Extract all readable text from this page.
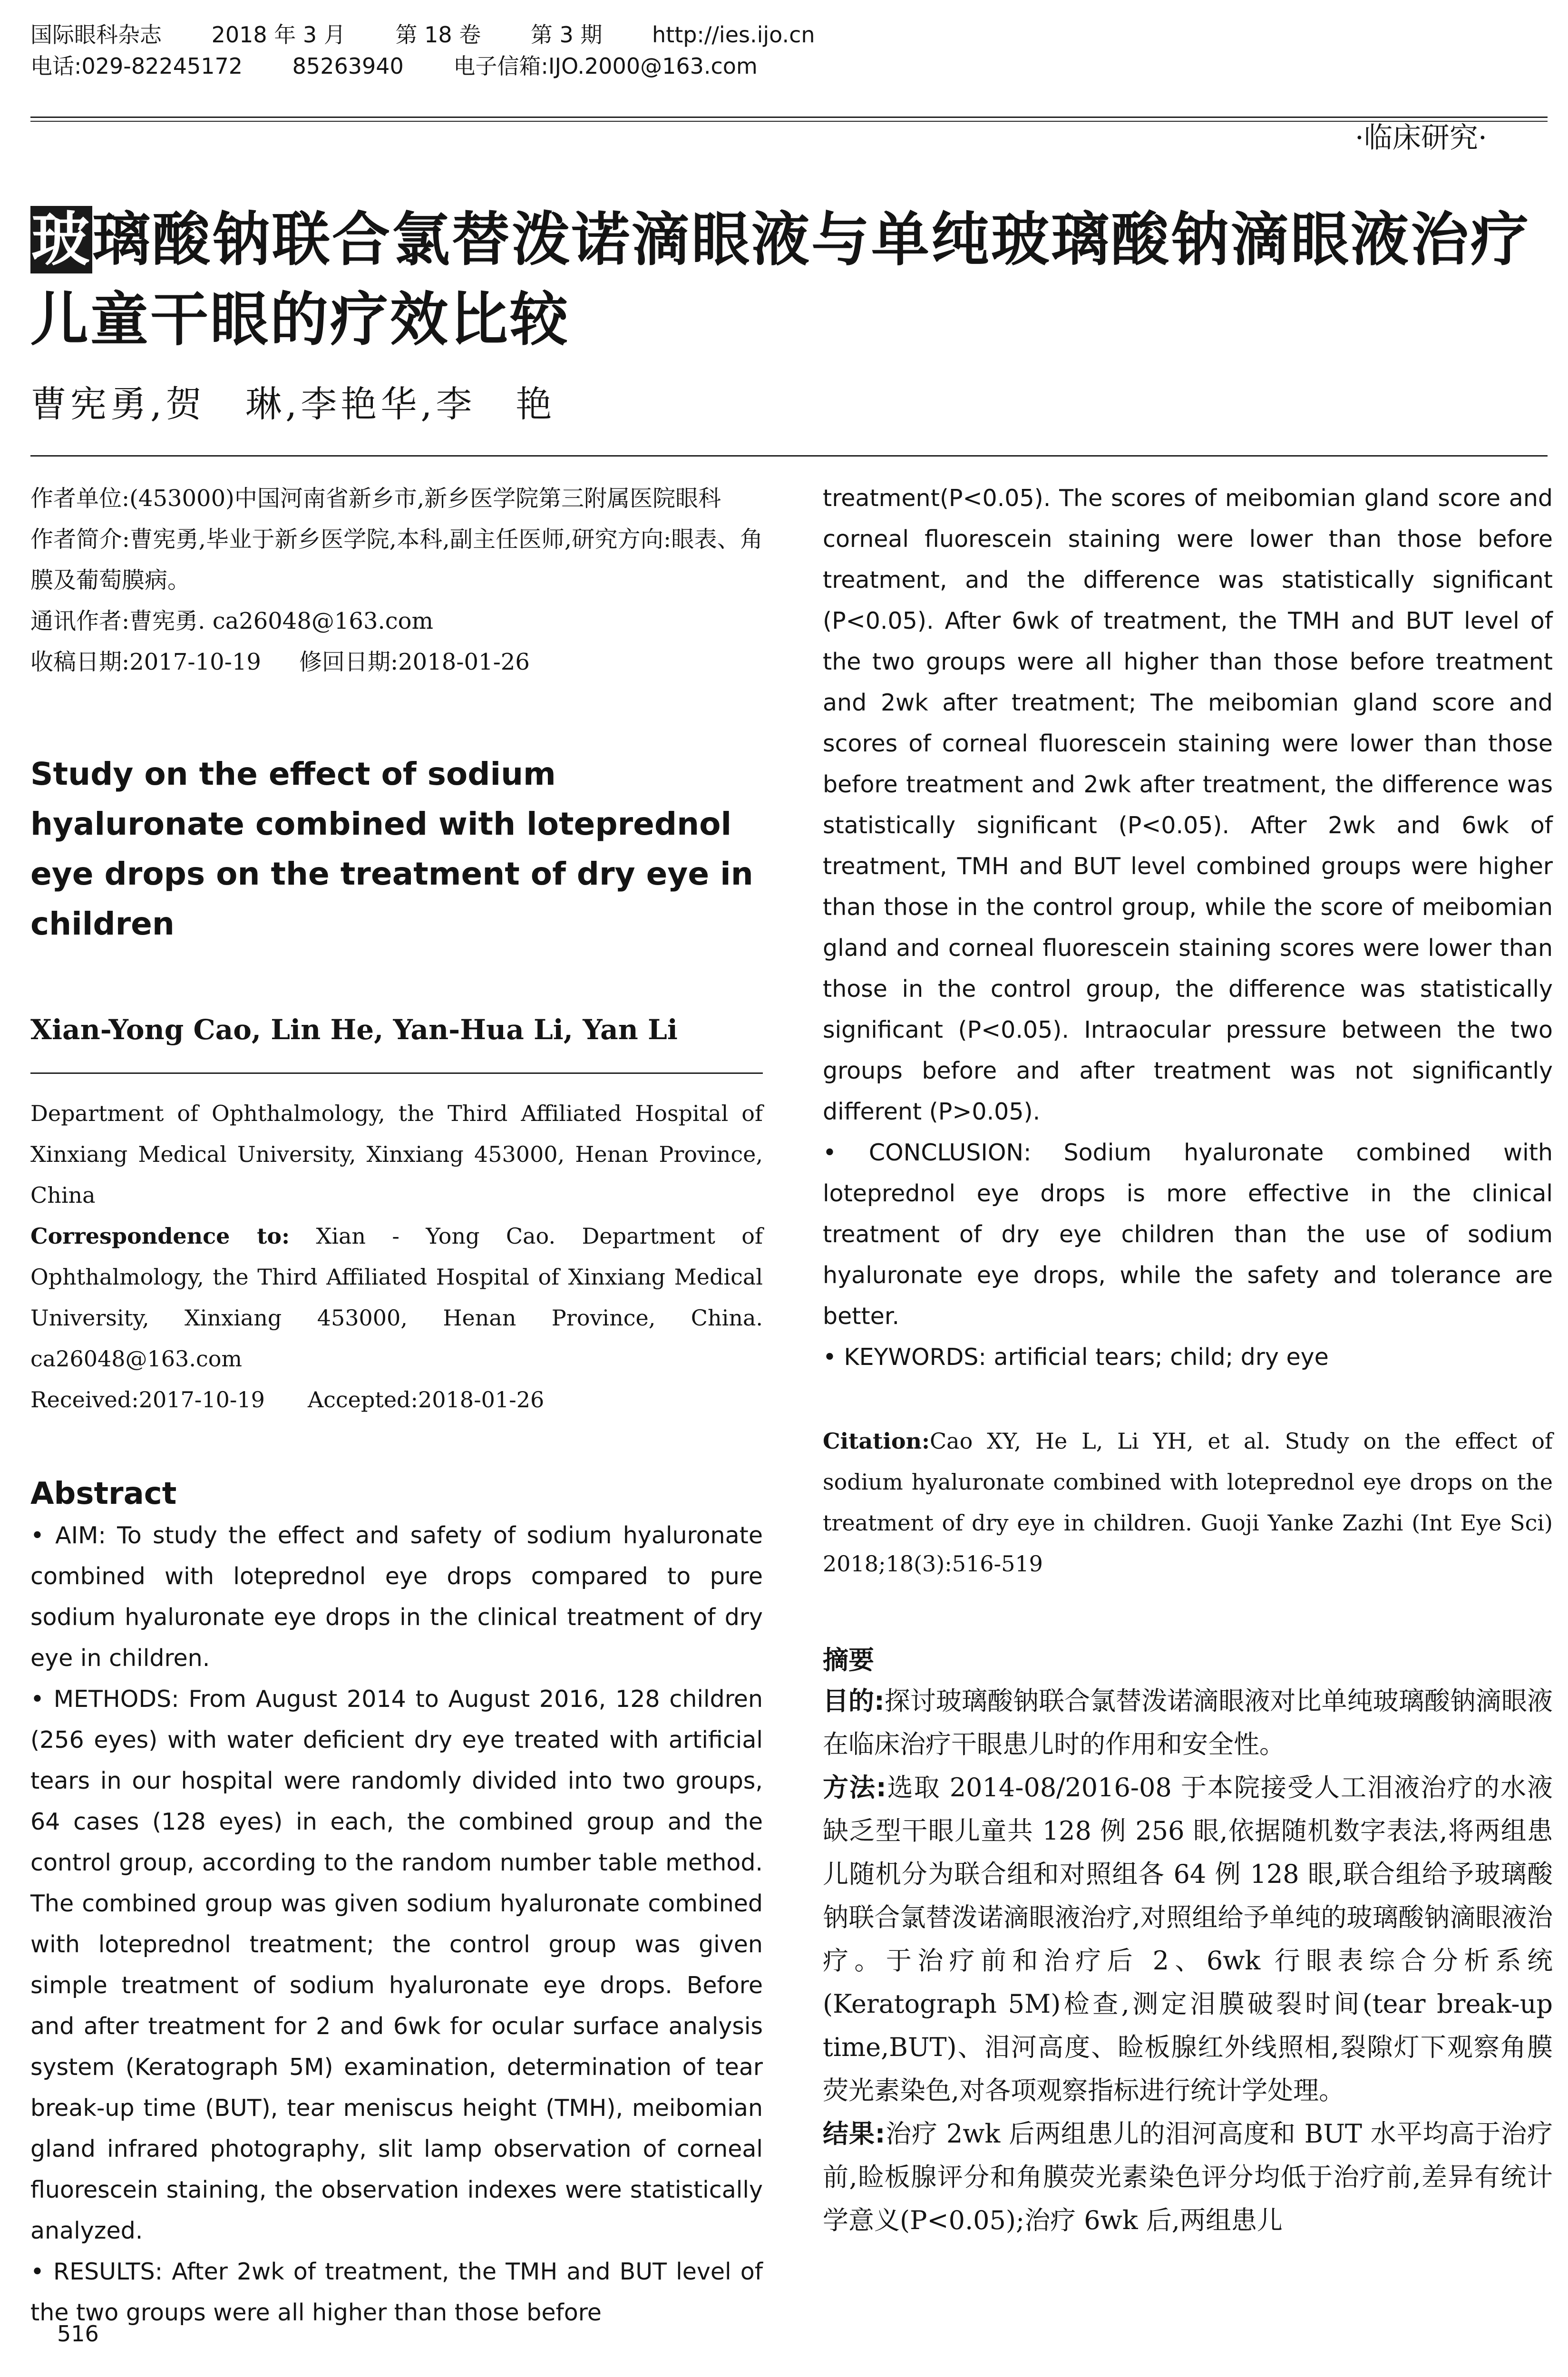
国际眼科杂志 2018 年 3 月 第 18 卷 第 3 期 http://ies.ijo.cn
电话:029-82245172 85263940 电子信箱:IJO.2000@163.com
·临床研究·
玻璃酸钠联合氯替泼诺滴眼液与单纯玻璃酸钠滴眼液治疗儿童干眼的疗效比较
曹宪勇,贺　琳,李艳华,李　艳

作者单位:(453000)中国河南省新乡市,新乡医学院第三附属医院眼科

作者简介:曹宪勇,毕业于新乡医学院,本科,副主任医师,研究方向:眼表、角膜及葡萄膜病。

通讯作者:曹宪勇. ca26048@163.com

收稿日期:2017-10-19 修回日期:2018-01-26

Study on the effect of sodium hyaluronate combined with loteprednol eye drops on the treatment of dry eye in children
Xian-Yong Cao, Lin He, Yan-Hua Li, Yan Li

Department of Ophthalmology, the Third Affiliated Hospital of Xinxiang Medical University, Xinxiang 453000, Henan Province, China

Correspondence to: Xian - Yong Cao. Department of Ophthalmology, the Third Affiliated Hospital of Xinxiang Medical University, Xinxiang 453000, Henan Province, China. ca26048@163.com

Received:2017-10-19 Accepted:2018-01-26

Abstract

• AIM: To study the effect and safety of sodium hyaluronate combined with loteprednol eye drops compared to pure sodium hyaluronate eye drops in the clinical treatment of dry eye in children.

• METHODS: From August 2014 to August 2016, 128 children (256 eyes) with water deficient dry eye treated with artificial tears in our hospital were randomly divided into two groups, 64 cases (128 eyes) in each, the combined group and the control group, according to the random number table method. The combined group was given sodium hyaluronate combined with loteprednol treatment; the control group was given simple treatment of sodium hyaluronate eye drops. Before and after treatment for 2 and 6wk for ocular surface analysis system (Keratograph 5M) examination, determination of tear break-up time (BUT), tear meniscus height (TMH), meibomian gland infrared photography, slit lamp observation of corneal fluorescein staining, the observation indexes were statistically analyzed.

• RESULTS: After 2wk of treatment, the TMH and BUT level of the two groups were all higher than those before

treatment(P<0.05). The scores of meibomian gland score and corneal fluorescein staining were lower than those before treatment, and the difference was statistically significant (P<0.05). After 6wk of treatment, the TMH and BUT level of the two groups were all higher than those before treatment and 2wk after treatment; The meibomian gland score and scores of corneal fluorescein staining were lower than those before treatment and 2wk after treatment, the difference was statistically significant (P<0.05). After 2wk and 6wk of treatment, TMH and BUT level combined groups were higher than those in the control group, while the score of meibomian gland and corneal fluorescein staining scores were lower than those in the control group, the difference was statistically significant (P<0.05). Intraocular pressure between the two groups before and after treatment was not significantly different (P>0.05).

• CONCLUSION: Sodium hyaluronate combined with loteprednol eye drops is more effective in the clinical treatment of dry eye children than the use of sodium hyaluronate eye drops, while the safety and tolerance are better.

• KEYWORDS: artificial tears; child; dry eye

Citation:Cao XY, He L, Li YH, et al. Study on the effect of sodium hyaluronate combined with loteprednol eye drops on the treatment of dry eye in children. Guoji Yanke Zazhi (Int Eye Sci) 2018;18(3):516-519
摘要

目的:探讨玻璃酸钠联合氯替泼诺滴眼液对比单纯玻璃酸钠滴眼液在临床治疗干眼患儿时的作用和安全性。

方法:选取 2014-08/2016-08 于本院接受人工泪液治疗的水液缺乏型干眼儿童共 128 例 256 眼,依据随机数字表法,将两组患儿随机分为联合组和对照组各 64 例 128 眼,联合组给予玻璃酸钠联合氯替泼诺滴眼液治疗,对照组给予单纯的玻璃酸钠滴眼液治疗。于治疗前和治疗后 2、6wk 行眼表综合分析系统(Keratograph 5M)检查,测定泪膜破裂时间(tear break-up time,BUT)、泪河高度、睑板腺红外线照相,裂隙灯下观察角膜荧光素染色,对各项观察指标进行统计学处理。

结果:治疗 2wk 后两组患儿的泪河高度和 BUT 水平均高于治疗前,睑板腺评分和角膜荧光素染色评分均低于治疗前,差异有统计学意义(P<0.05);治疗 6wk 后,两组患儿

516
